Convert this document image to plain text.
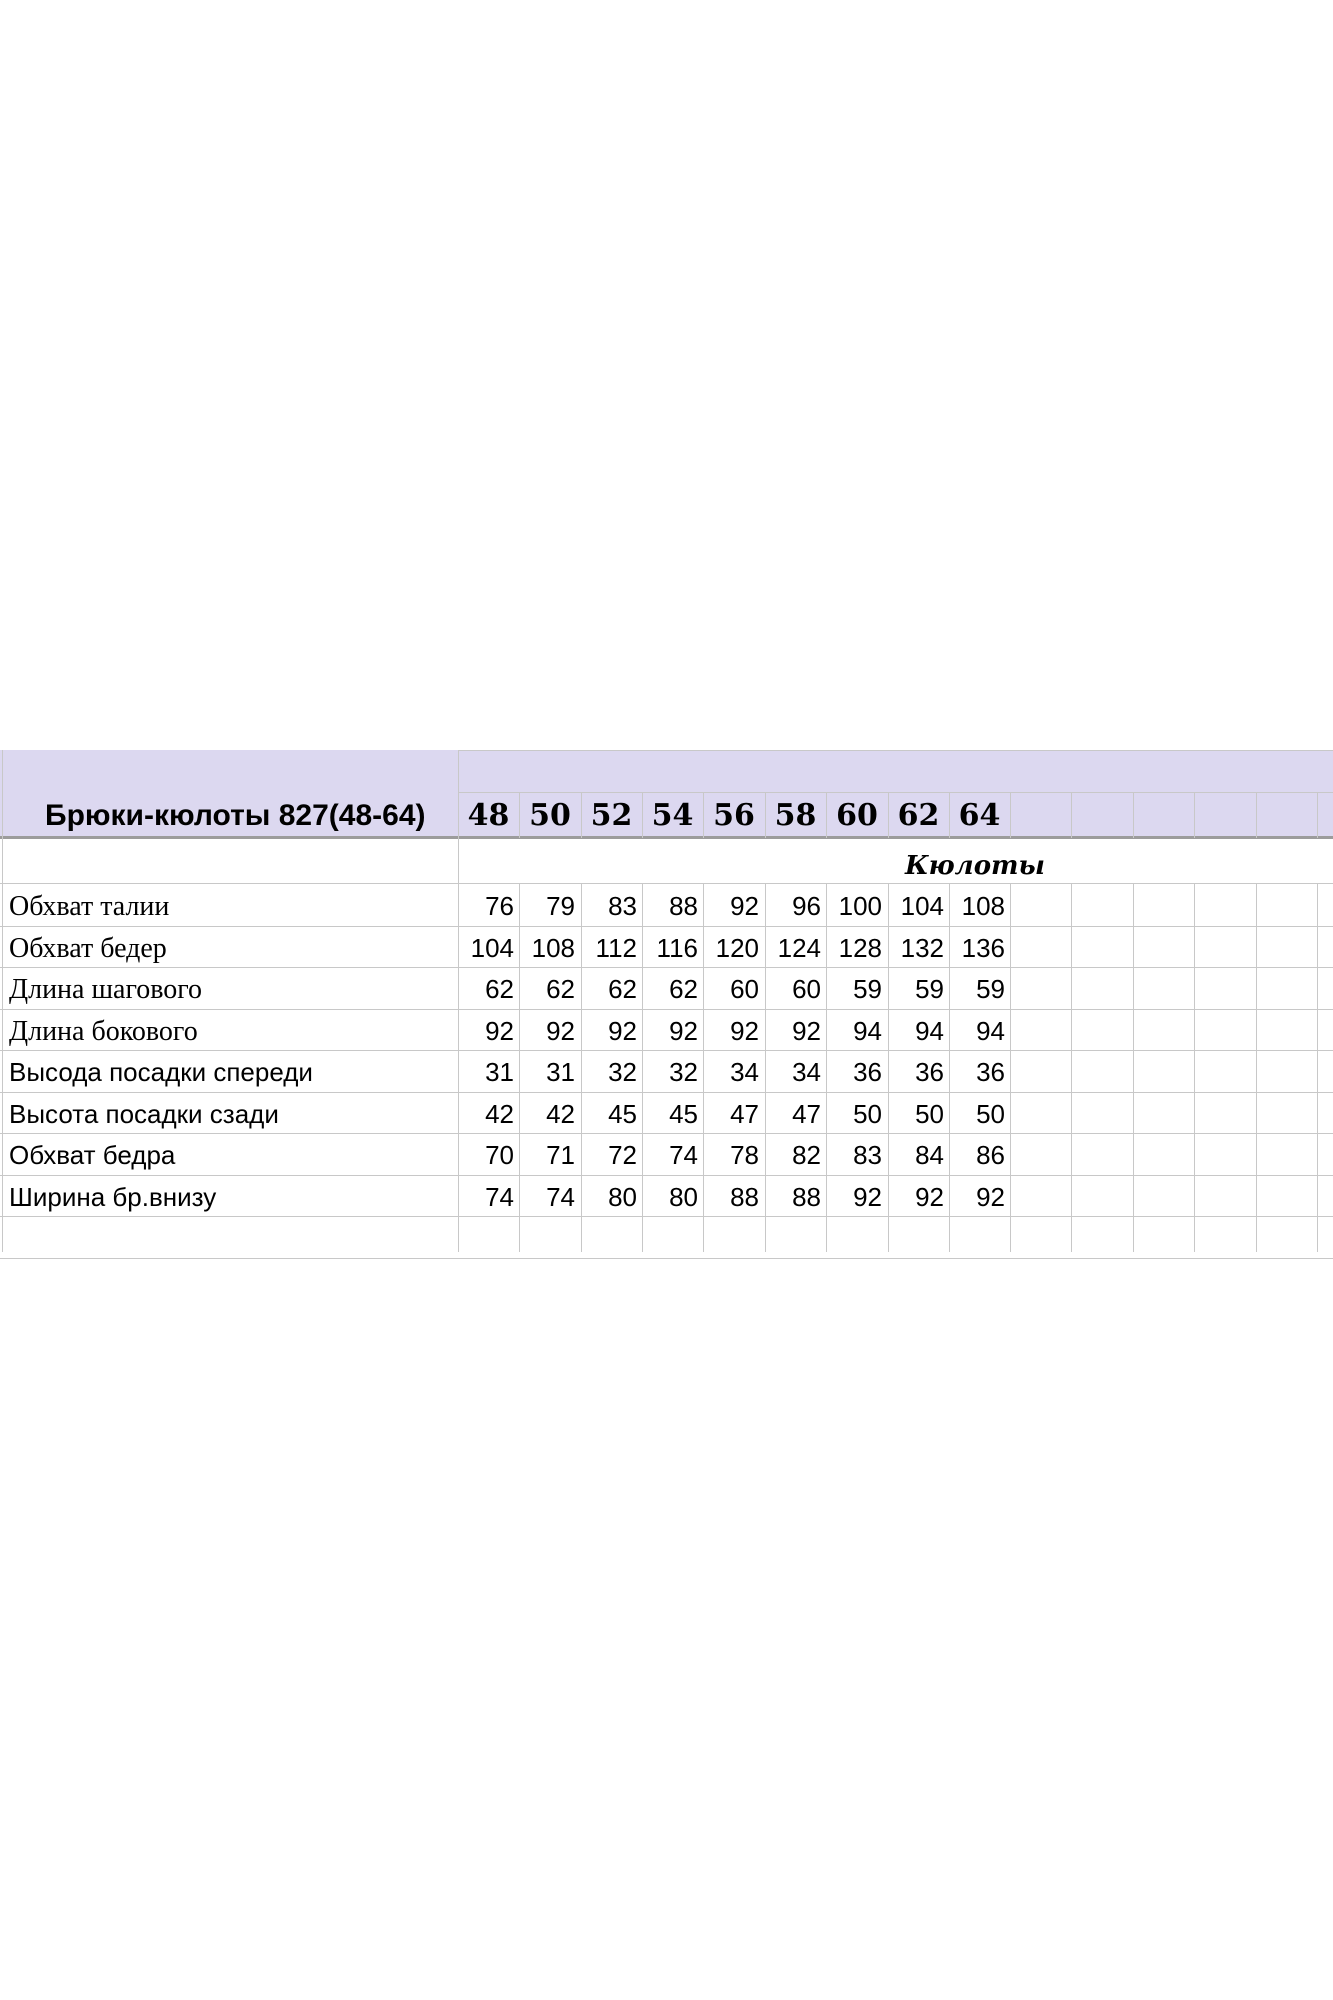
Брюки-кюлоты 827(48-64)
Кюлоты
48 50 52 54 56 58 60 62 64
Обхват талии	76	79	83	88	92	96 100 104 108
Обхват бедер	104 108 112 116 120 124 128 132 136
Длина шагового	62	62	62	62	60	60	59	59	59
Длина бокового	92	92	92	92	92	92	94	94	94
Высода посадки спереди	31	31	32	32	34	34	36	36	36
Высота посадки сзади	42	42	45	45	47	47	50	50	50
Обхват бедра	70	71	72	74	78	82	83	84	86
Ширина бр.внизу	74	74	80	80	88	88	92	92	92
